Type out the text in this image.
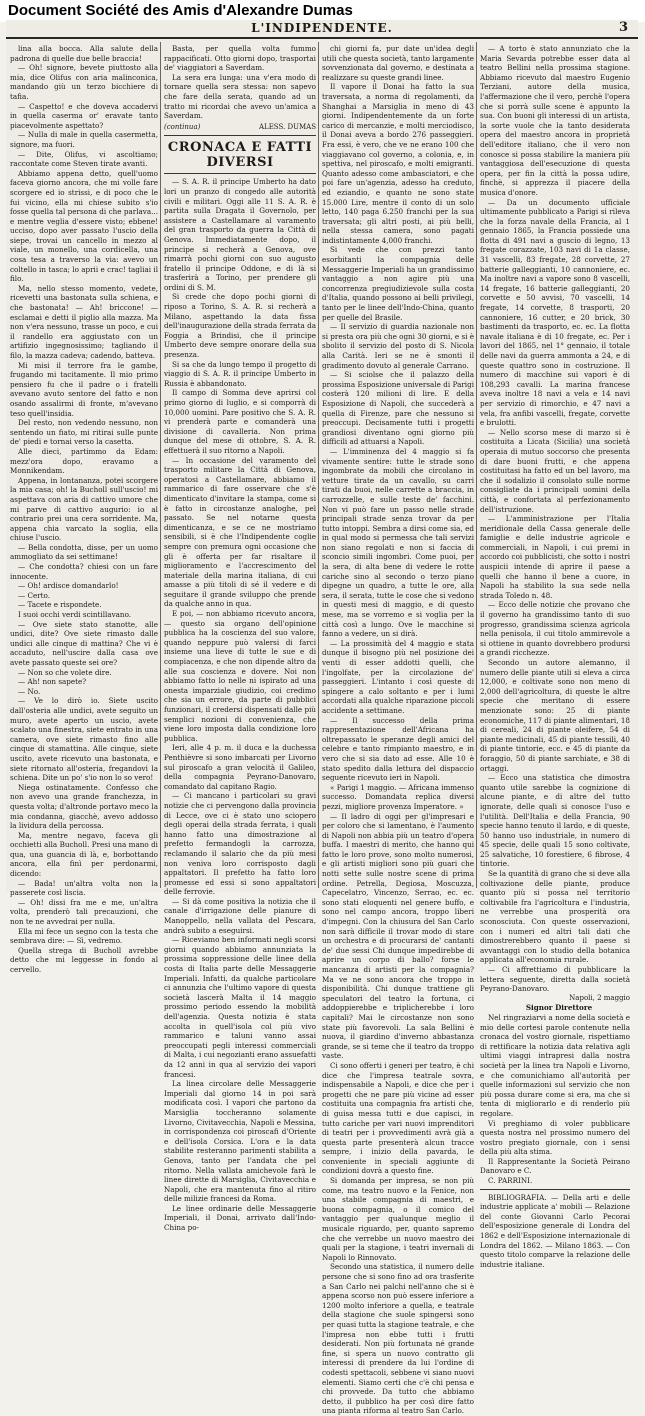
Document Société des Amis d'Alexandre Dumas
L'INDIPENDENTE.	3

lina alla bocca. Alla salute della padrona di quelle due belle braccia!

— Oh! signore, bevete piuttosto alla mia, dice Olifus con aria malinconica, mandando giù un terzo bicchiere di tafia.

— Caspetto! e che doveva accadervi in quella caserma or' eravate tanto piacevolmente aspettato?

— Nulla di male in quella casermetta, signore, ma fuori.

— Dite, Olifus, vi ascoltiamo; raccontate come Steven tirate avanti.

Abbiamo appena detto, quell'uomo faceva giorno ancora, che mi volle fare scorgere ed io strissi, e di poco che le fui vicino, ella mi chiese subito s'io fosse quella tal persona di che parlava... e mentre veglia d'essere visto; ebbene! ucciso, dopo aver passato l'uscio della siepe, trovai un cancello in mezzo al viale, un monello, una cordicella, una cosa tesa a traverso la via: avevo un coltello in tasca; lo aprii e crac! tagliai il filo.

Ma, nello stesso momento, vedete, ricevetti una bastonata sulla schiena, e che bastonata! — Ah! briccone! — esclamai e detti il piglio alla mazza. Ma non v'era nessuno, trasse un poco, e cui il randello era aggiustato con un artifizio ingegnosissimo; tagliando il filo, la mazza cadeva; cadendo, batteva.

Mi misi il terrore fra le gambe, frugando mi tacitamente. Il mio primo pensiero fu che il padre o i fratelli avevano avuto sentore del fatto e non osando assalirmi di fronte, m'avevano teso quell'insidia.

Del resto, non vedendo nessuno, non sentendo un fiato, mi ritirai sulle punte de' piedi e tornai verso la casetta.

Alle dieci, partimmo da Edam: mezz'ora dopo, eravamo a Monnikendam.

Appena, in lontananza, potei scorgere la mia casa; oh! la Bucholl sull'uscio! mi aspettava con aria di cattivo umore che mi parve di cattivo augurio: io al contrario prei una cera sorridente. Ma, appena chia varcato la soglia, ella chiuse l'uscio.

— Bella condotta, disse, per un uomo ammogliato da sei settimane!

— Che condotta? chiesi con un fare innocente.

— Oh! ardisce domandarlo!

— Certo.

— Tacete e rispondete.

I suoi occhi verdi scintillavano.

— Ove siete stato stanotte, alle undici, dite? Ove siete rimasto dalle undici alle cinque di mattina? Che vi è accaduto, nell'uscire dalla casa ove avete passato queste sei ore?

— Non so che volete dire.

— Ah! non sapete?

— No.

— Ve lo dirò io. Siete uscito dall'osteria alle undici, avete seguito un muro, avete aperto un uscio, avete scalato una finestra, siete entrato in una camera, ove siete rimasto fino alle cinque di stamattina. Alle cinque, siete uscito, avete ricevuto una bastonata, e siete ritornato all'osteria, fregandovi la schiena. Dite un po' s'io non lo so vero!

Niega ostinatamente. Confesso che non avevo una grande franchezza, in questa volta; d'altronde portavo meco la mia condanna, giacchè, avevo addosso la lividura della percossa.

Ma, mentre negavo, faceva gli occhietti alla Bucholl. Presi una mano di qua, una guancia di là, e, borbottando ancora, ella finì per perdonarmi, dicendo:

— Bada! un'altra volta non la passerete così liscia.

— Oh! dissi fra me e me, un'altra volta, prenderò tali precauzioni, che non te ne avvedrai per nulla.

Ella mi fece un segno con la testa che sembrava dire: — Sì, vedremo.

Quella strega di Bucholl avrebbe detto che mi leggesse in fondo al cervello.

Basta, per quella volta fummo rappacificati. Otto giorni dopo, trasportai de' viaggiatori a Saverdam.

La sera era lunga: una v'era modo di tornare quella sera stessa: non sapevo che fare della serata, quando ad un tratto mi ricordai che avevo un'amica a Saverdam.

(continua)	ALESS. DUMAS
CRONACA E FATTI DIVERSI

— S. A. R. il principe Umberto ha dato lori un pranzo di congedo alle autorità civili e militari. Oggi alle 11 S. A. R. è partita sulla Dragata il Governolo, per assistere a Castellamare al varamento del gran trasporto da guerra la Città di Genova. Immediatamente dopo, il principe si recherà a Genova, ove rimarrà pochi giorni con suo augusto fratello il principe Oddone, e di là si trasferirà a Torino, per prendere gli ordini di S. M.

Si crede che dopo pochi giorni di riposo a Torino, S. A. R. si recherà a Milano, aspettando la data fissa dell'inaugurazione della strada ferrata da Foggia a Brindisi, che il principe Umberto deve sempre onorare della sua presenza.

Si sa che da lungo tempo il progetto di viaggio di S. A. R. il principe Umberto in Russia è abbandonato.

Il campo di Somma deve aprirsi col primo giorno di luglio, e si comporrà di 10,000 uomini. Pare positivo che S. A. R. vi prenderà parte e comanderà una divisione di cavalleria. Non prima dunque del mese di ottobre, S. A. R. effettuerà il suo ritorno a Napoli.

— In occasione del varamento del trasporto militare la Città di Genova, operatosi a Castellamare, abbiamo il rammarico di fare osservare che s'è dimenticato d'invitare la stampa, come si è fatto in circostanze analoghe, pel passato. Se nel notarne questa dimenticanza, e se ce ne mostriamo sensibili, si è che l'Indipendente coglie sempre con premura ogni occasione che gli è offerta per far risaltare il miglioramento e l'accrescimento del materiale della marina italiana, di cui amasse a più titoli di sé il vedere e di seguitare il grande sviluppo che prende da qualche anno in qua.

E poi, — non abbiamo ricevuto ancora, — questo sia organo dell'opinione pubblica ha la coscienza del suo valore, quando neppure può valersi di farci insieme una lieve di tutte le sue e di compiacenza, e che non dipende altro da alle sua coscienza e dovere. Noi non abbiamo fatto lo nelle ni ispirato ad una onesta imparziale giudizio, coi credimo che sia un errore, da parte di pubblici funzionari, il credersi dispensati dalle più semplici nozioni di convenienza, che viene loro imposta dalla condizione loro pubblica.

Ieri, alle 4 p. m. il duca e la duchessa Penthièvre si sono imbarcati per Livorno sul piroscafo a gran velocità il Galileo, della compagnia Peyrano-Danovaro, comandato dal capitano Ragio.

— Ci mancano i particolari su gravi notizie che ci pervengono dalla provincia di Lecce, ove ci è stato uno sciopero degli operai della strada ferrata, i quali hanno fatto una dimostrazione al prefetto fermandogli la carrozza, reclamando il salario che da più mesi non veniva loro corrisposto dagli appaltatori. Il prefetto ha fatto loro promesse ed essi si sono appaltatori delle ferrovie.

— Si dà come positiva la notizia che il canale d'irrigazione delle pianure di Manoppello, nella vallata del Pescara, andrà subito a eseguirsi.

— Riceviamo ben informati negli scorsi giorni quando abbiamo annunziata la prossima soppressione delle linee della costa di Italia parte delle Messaggerie Imperiali. Infatti, da qualche particolare ci annunzia che l'ultimo vapore di questa società lascerà Malta il 14 maggio prossimo periodo essendo la mobilità dell'agenzia. Questa notizia è stata accolta in quell'isola col più vivo rammarico e taluni vanno assai preoccupati pegli interessi commerciali di Malta, i cui negozianti erano assuefatti da 12 anni in qua al servizio dei vapori francesi.

La linea circolare delle Messaggerie Imperiali dal giorno 14 in poi sarà modificata così. I vapori che partono da Marsiglia toccheranno solamente Livorno, Civitavecchia, Napoli e Messina, in corrispondenza coi piroscafi d'Oriente e dell'isola Corsica. L'ora e la data stabilite resteranno parimenti stabilita a Genova, tanto per l'andata che pel ritorno. Nella vallata amichevole farà le linee dirette di Marsiglia, Civitavecchia e Napoli, che era mantenuta fino al ritiro delle milizie francesi da Roma.

Le linee ordinarie delle Messaggerie Imperiali, il Donai, arrivato dall'Indo-China po-

chi giorni fa, pur date un'idea degli utili che questa società, tanto largamente sovvenzionata dal governo, e destinata a realizzare su queste grandi linee.

Il vapore il Donai ha fatto la sua traversata, a norma di regolamenti, da Shanghai a Marsiglia in meno di 43 giorni. Indipendentemente da un forte carico di mercanzie, e molti merciodisco, il Donai aveva a bordo 276 passeggieri. Fra essi, è vero, che ve ne erano 100 che viaggiavano col governo, a colonia, e, in spettiva, nel piroscafo, e molti emigranti. Quanto adesso come ambasciatori, e che poi fare un'agenzia, adesso ha creduto, ed eziandio, e quanto ne sono state 15.000 Lire, mentre il conto di un solo letto, 140 paga 6.250 franchi per la sua traversata; gli altri posti, ai più belli, nella stessa camera, sono pagati indistintamente 4,000 franchi.

Si vede che con prezzi tanto esorbitanti la compagnia delle Messaggerie Imperiali ha un grandissimo vantaggio a non agire più una concorrenza pregiudizievole sulla costa d'Italia, quando possono ai belli privilegi, tanto per le linee dell'Indo-China, quanto per quelle del Brasile.

— Il servizio di guardia nazionale non si presta ora più che ogni 30 giorni, e si è sbolito il servizio del posto di S. Nicola alla Carità. Ieri se ne è smonti il gradimento dovuto al generale Carrano.

— Si sciolse che il palazzo della prossima Esposizione universale di Parigi costerà 120 milioni di lire. E della Esposizione di Napoli, che succederà a quella di Firenze, pare che nessuno si preoccupi. Decisamente tutti i progetti grandiosi diventano ogni giorno più difficili ad attuarsi a Napoli.

— L'imminenza del 4 maggio si fa vivamente sentire: tutte le strade sono ingombrate da mobili che circolano in vetture tirate da un cavallo, su carri tirati da buoi, nelle carrette a braccia, in carrozzelle, e sulle teste de' facchini. Non vi può fare un passo nelle strade principali strade senza trovar da per tutto intoppi. Sembra a dirsi come sia, ed in qual modo si permessa che tali servizi non siano regolati e non si faccia di sconcio simili ingombri. Come puoi, per la sera, di alta bene di vedere le rotte cariche sino al secondo o terzo piano dipegne un quadro, a tutte le ore, alla sera, il serata, tutte le cose che si vedono in questi mesi di maggio, e di questo mese, ma se vorremo e si voglia per la città così a lungo. Ove le macchine si fanno a vedere, un si dirà.

— La prossimità del 4 maggio e stata dunque il bisogno più nel posizione dei venti di esser addotti quelli, che l'ingolfate, per la circolazione de' passeggieri. L'intanto i così queste di spingere a calo soltanto e per i lumi accordati alla qualche riparazione piccoli accidente a settimane.

— Il successo della prima rappresentazione dell'Africana ha oltrepassato le speranze degli amici del celebre e tanto rimpianto maestro, e in vero che si sia dato ad esse. Alle 10 è stato spedito dalla lettura del dispaccio seguente ricevuto ieri in Napoli.

« Parigi 1 maggio. — Africana immenso successo. Domandata replica diversi pezzi, migliore provenza Imperatore. »

— Il ladro di oggi per gl'impresari e per coloro che si lamentano, è l'aumento di Napoli non abbia più un teatro d'opera buffa. I maestri di merito, che hanno qui fatto le loro prove, sono molto numerosi, e gli artisti migliori sono più guari che notti sette sulle nostre scene di prima ordine. Petrella, Degiosa, Moscuzza, Capecelatro, Vincenzo, Serrao, ec. ec. sono stati eloquenti nel genere buffo, e sono nel campo ancora, troppo liberi d'impegni. Con la chiusura del San Carlo non sarà difficile il trovar modo di stare un orchestra e di procurarsi de' cantanti de' due sessi Chi dunque impedirebbe di aprire un corpo di ballo? forse le mancanza di artisti per la compagnia? Ma ve ne sono ancora che troppo in disponibilità. Chi dunque trattiene gli speculatori del teatro la fortuna, ci addoppierebbe e triplicherebbe i loro capitali? Mai le circostanze non sono state più favorevoli. La sala Bellini è nuova, il giardino d'inverno abbastanza grande, se si teme che il teatro da troppo vaste.

Ci sono offerti i generi per teatro, è chi dice che l'impresa teatrale sovra, indispensabile a Napoli, e dice che per i progetti che ne pare più vicine ad esser costituita una compagnia fra artisti che, di guisa messa tutti e due capisci, in tutto cariche per vari nuovi imprenditori di teatri per i provvedimenti avrà già a questa parte presenterà alcun tracce sempre, i inizio della pavarda, le conveniente in speciali aggiunte di condizioni dovrà a questo fine.

Si domanda per impresa, se non più come, ma teatro nuovo e la Fenice, non una stabile compagnia di maestri, e buona compagnia, o il comico del vantaggio per qualunque meglio il musicale riguardo, per, quanto sapremo che che verrebbe un nuovo maestro dei quali per la stagione, i teatri invernali di Napoli lo Rinnovato.

Secondo una statistica, il numero delle persone che si sono fino ad ora trasferite a San Carlo nei palchi nell'anno che si è appena scorso non può essere inferiore a 1200 molto inferiore a quella, e teatrale della stagione che suole spingersi sono per quasi tutta la stagione teatrale, e che l'impresa non ebbe tutti i frutti desiderati. Non più fortunata né grande fine, si spera un nuovo contratto gli interessi di prendere da lui l'ordine di codesti spettacoli, sebbene vi siano nuovi elementi. Siamo certi che c'è chi pensa e chi provvede. Da tutto che abbiamo detto, il pubblico ha per così dire fatto una pianta riforma al teatro San Carlo.

— A torto è stato annunziato che la Maria Sevarda potrebbe esser data al teatro Bellini nella prossima stagione. Abbiamo ricevuto dal maestro Eugenio Terziani, autore della musica, l'affermazione che il vero, perchè l'opera che si porrà sulle scene è appunto la sua. Con buoni gli interessi di un artista, la sorte vuole che la tanto desiderata opera del maestro ancora in proprietà dell'editore italiano, che il vero non conosce si possa stabilire la maniera più vantaggiosa dell'esecuzione di questa opera, per fin la città la possa udire, finchè, si apprezza il piacere della musica d'onore.

— Da un documento ufficiale ultimamente pubblicato a Parigi si rileva che la forza navale della Francia, al 1 gennaio 1865, la Francia possiede una flotta di 491 navi a guscio di legno, 13 fregate corazzate, 103 navi di 1a classe, 31 vascelli, 83 fregate, 28 corvette, 27 batterie galleggianti, 10 cannoniere, ec. Ma inoltre navi a vapore sono 8 vascelli, 14 fregate, 16 batterie galleggianti, 20 corvette e 50 avvisi, 70 vascelli, 14 fregate, 14 corvette, 8 trasporti, 20 cannoniere, 16 cutter, e 20 brick, 30 bastimenti da trasporto, ec. ec. La flotta navale italiana è di 10 fregate, ec. Per i lavori del 1865, nel 1° gennaio, il totale delle navi da guerra ammonta a 24, e di queste quattro sono in costruzione. Il numero di macchine sui vapori è di 108,293 cavalli. La marina francese aveva inoltre 18 navi a vela e 14 navi per servizio di rimorchio, e 47 navi a vela, fra anfibi vascelli, fregate, corvette e brulotti.

— Nello scorso mese di marzo si è costituita a Licata (Sicilia) una società operaia di mutuo soccorso che presenta di dare buoni frutti, e che appena costituitasi ha fatto ed un bel lavoro, ma che il sodalizio il consolato sulle norme consigliate da i principali uomini della città, e confortata al perfezionamento dell'istruzione.

— L'amministrazione per l'Italia meridionale della Cassa generale delle famiglie e delle industrie agricole e commerciali, in Napoli, i cui premi in accordo coi pubblicisti, che sotto i nostri auspicii intende di aprire il paese a quelli che hanno il bene a cuore, in Napoli ha stabilito la sua sede nella strada Toledo n. 48.

— Ecco delle notizie che provano che il governo ha grandissimo tanto di suo progresso, grandissima scienza agricola nella penisola, il cui titolo ammirevole a si ottiene in quanto dovrebbero prodursi a grandi ricchezze.

Secondo un autore alemanno, il numero delle piante utili si eleva a circa 12,000, e coltivate sono non meno di 2,000 dell'agricoltura, di queste le altre specie che meritano di essere menzionate sono: 25 di piante economiche, 117 di piante alimentari, 18 di cereali, 24 di piante oleifere, 54 di piante medicinali, 45 di piante tessili, 40 di piante tintorie, ecc. e 45 di piante da foraggio, 50 di piante sarchiate, e 38 di ortaggi.

— Ecco una statistica che dimostra quanto utile sarebbe la cognizione di alcune piante, e di altre del tutto ignorate, delle quali si conosce l'uso e l'utilità. Dell'Italia e della Francia, 90 specie hanno tenuto il lardo, e di queste, 50 hanno uso industriale, in numero di 45 specie, delle quali 15 sono coltivate, 25 salvatiche, 10 forestiere, 6 fibrose, 4 tintorie.

Se la quantità di grano che si deve alla coltivazione delle piante, produce quanto più si possa nel territorio coltivabile fra l'agricoltura e l'industria, ne verrebbe una prosperità ora sconosciuta. Con queste osservazioni, con i numeri ed altri tali dati che dimostrerebbero quanto il paese si avvantaggi con lo studio della botanica applicata all'economia rurale.

— Ci affrettiamo di pubblicare la lettera seguente, diretta dalla società Peyrano-Danovaro.

Napoli, 2 maggio

Signor Direttore

Nel ringraziarvi a nome della società e mio delle cortesi parole contenute nella cronaca del vostro giornale, rispettiamo di rettificare la notizia data relativa agli ultimi viaggi intrapresi dalla nostra società per la linea tra Napoli e Livorno, e che comunichiamo all'autorità per quelle informazioni sul servizio che non più possa durare come si era, ma che si tenta di migliorarlo e di renderlo più regolare.

Vi preghiamo di voler pubblicare questa nostra nel prossimo numero del vostro pregiato giornale, con i sensi della più alta stima.

Il Rappresentante la Società Peirano Danovaro e C.

C. PARRINI.

BIBLIOGRAFIA. — Della arti e delle industrie applicate a' mobili — Relazione del conte Giovanni Carlo Pecorai dell'esposizione generale di Londra del 1862 e dell'Esposizione internazionale di Londra del 1862. — Milano 1863. — Con questo titolo comparve la relazione delle industrie italiane.
